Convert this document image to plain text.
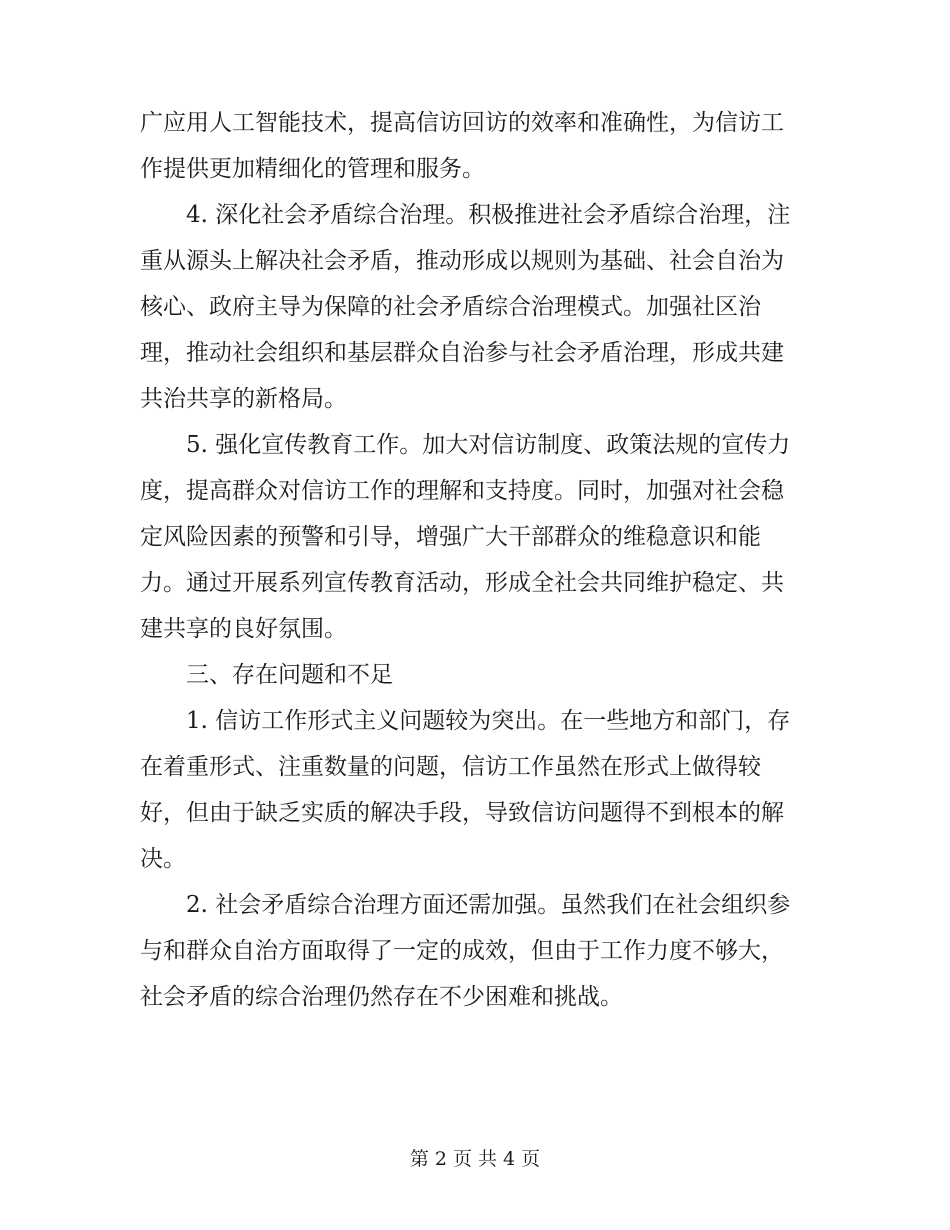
广应用人工智能技术，提高信访回访的效率和准确性，为信访工
作提供更加精细化的管理和服务。
4. 深化社会矛盾综合治理。积极推进社会矛盾综合治理，注
重从源头上解决社会矛盾，推动形成以规则为基础、社会自治为
核心、政府主导为保障的社会矛盾综合治理模式。加强社区治
理，推动社会组织和基层群众自治参与社会矛盾治理，形成共建
共治共享的新格局。
5. 强化宣传教育工作。加大对信访制度、政策法规的宣传力
度，提高群众对信访工作的理解和支持度。同时，加强对社会稳
定风险因素的预警和引导，增强广大干部群众的维稳意识和能
力。通过开展系列宣传教育活动，形成全社会共同维护稳定、共
建共享的良好氛围。
三、存在问题和不足
1. 信访工作形式主义问题较为突出。在一些地方和部门，存
在着重形式、注重数量的问题，信访工作虽然在形式上做得较
好，但由于缺乏实质的解决手段，导致信访问题得不到根本的解
决。
2. 社会矛盾综合治理方面还需加强。虽然我们在社会组织参
与和群众自治方面取得了一定的成效，但由于工作力度不够大，
社会矛盾的综合治理仍然存在不少困难和挑战。
第 2 页 共 4 页
